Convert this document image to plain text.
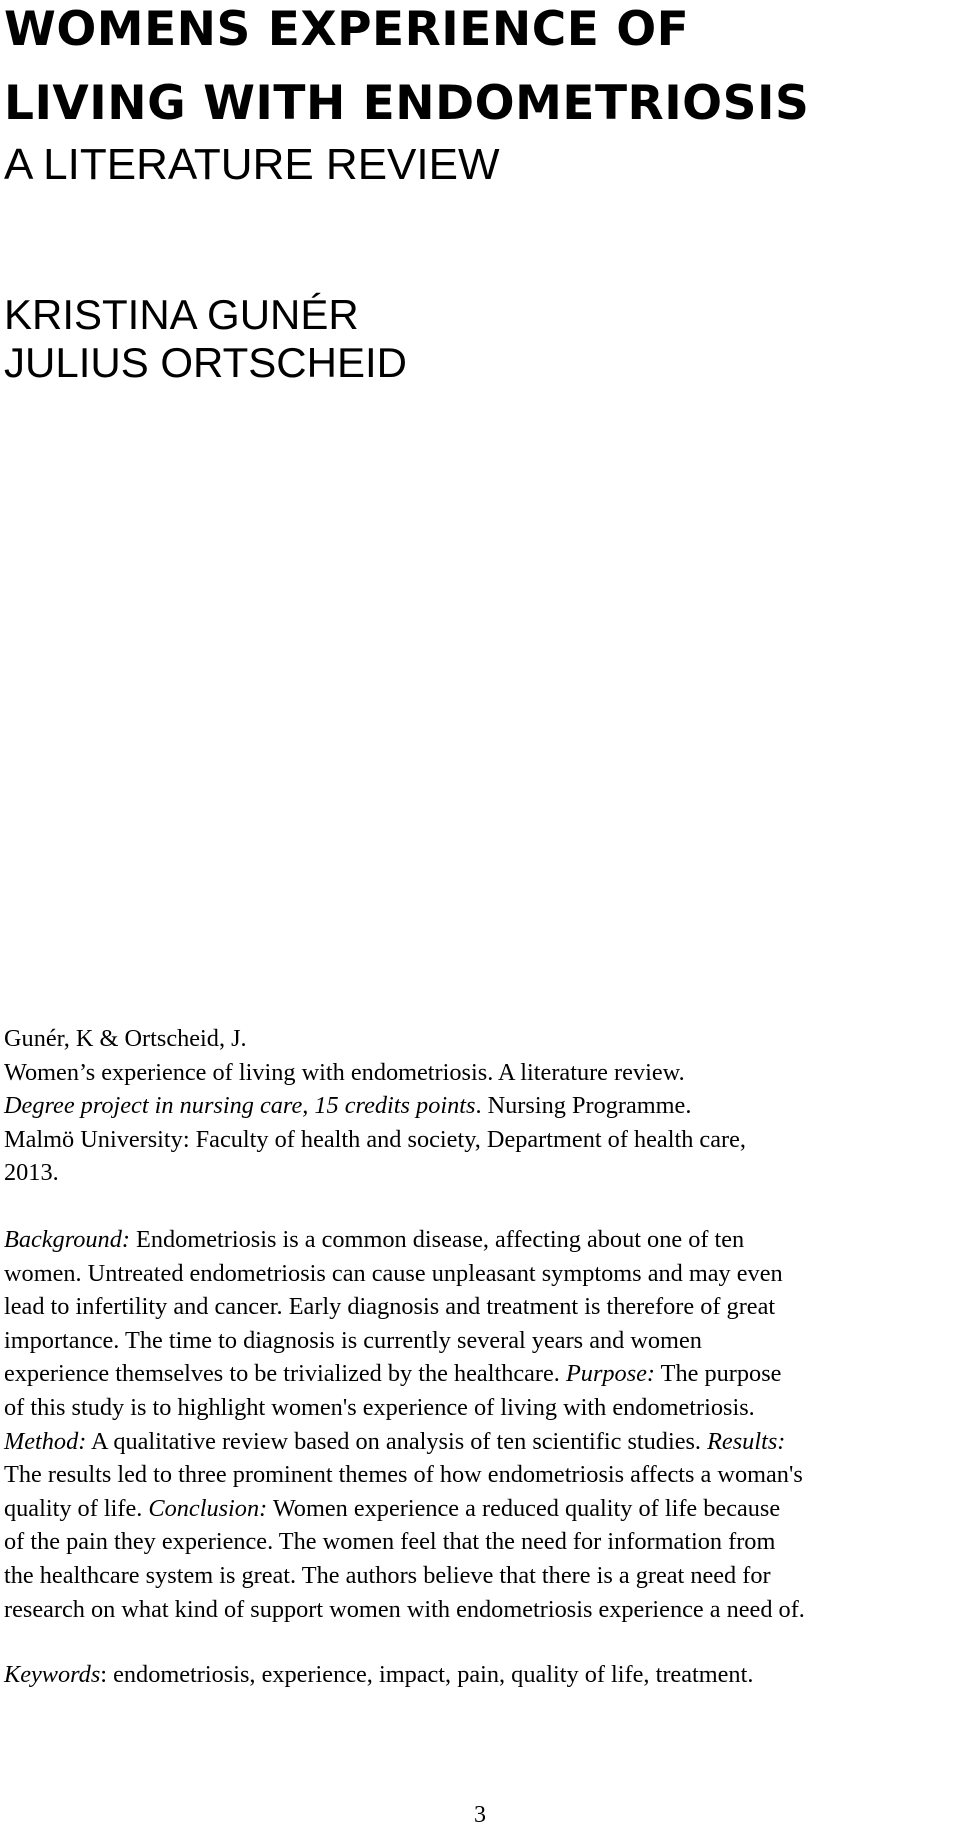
WOMENS EXPERIENCE OF
LIVING WITH ENDOMETRIOSIS
A LITERATURE REVIEW
KRISTINA GUNÉR
JULIUS ORTSCHEID
Gunér, K & Ortscheid, J.
Women’s experience of living with endometriosis. A literature review.
Degree project in nursing care, 15 credits points. Nursing Programme.
Malmö University: Faculty of health and society, Department of health care,
2013.
Background: Endometriosis is a common disease, affecting about one of ten
women. Untreated endometriosis can cause unpleasant symptoms and may even
lead to infertility and cancer. Early diagnosis and treatment is therefore of great
importance. The time to diagnosis is currently several years and women
experience themselves to be trivialized by the healthcare. Purpose: The purpose
of this study is to highlight women's experience of living with endometriosis.
Method: A qualitative review based on analysis of ten scientific studies. Results:
The results led to three prominent themes of how endometriosis affects a woman's
quality of life. Conclusion: Women experience a reduced quality of life because
of the pain they experience. The women feel that the need for information from
the healthcare system is great. The authors believe that there is a great need for
research on what kind of support women with endometriosis experience a need of.
Keywords: endometriosis, experience, impact, pain, quality of life, treatment.
3
